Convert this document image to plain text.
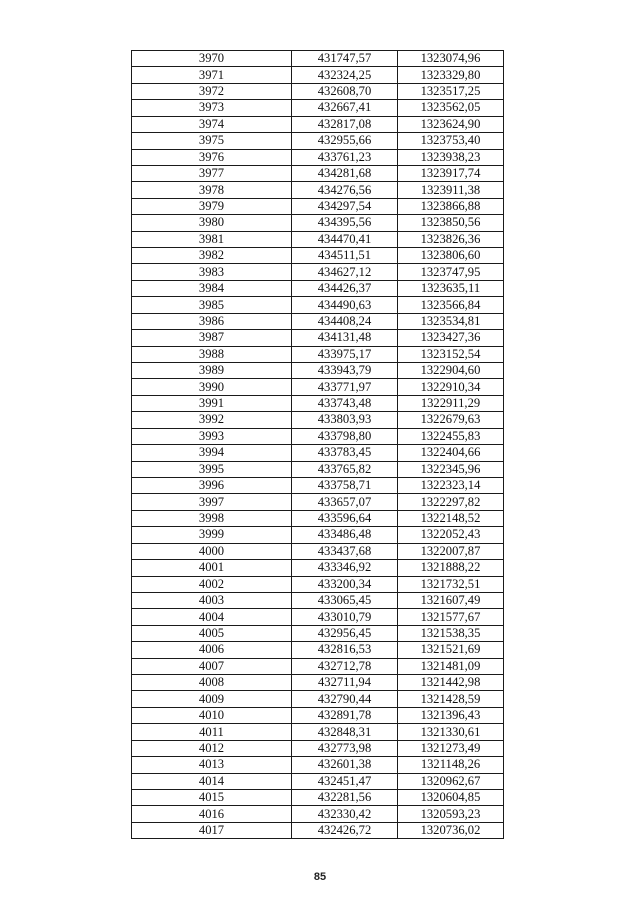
3970	431747,57	1323074,96
3971	432324,25	1323329,80
3972	432608,70	1323517,25
3973	432667,41	1323562,05
3974	432817,08	1323624,90
3975	432955,66	1323753,40
3976	433761,23	1323938,23
3977	434281,68	1323917,74
3978	434276,56	1323911,38
3979	434297,54	1323866,88
3980	434395,56	1323850,56
3981	434470,41	1323826,36
3982	434511,51	1323806,60
3983	434627,12	1323747,95
3984	434426,37	1323635,11
3985	434490,63	1323566,84
3986	434408,24	1323534,81
3987	434131,48	1323427,36
3988	433975,17	1323152,54
3989	433943,79	1322904,60
3990	433771,97	1322910,34
3991	433743,48	1322911,29
3992	433803,93	1322679,63
3993	433798,80	1322455,83
3994	433783,45	1322404,66
3995	433765,82	1322345,96
3996	433758,71	1322323,14
3997	433657,07	1322297,82
3998	433596,64	1322148,52
3999	433486,48	1322052,43
4000	433437,68	1322007,87
4001	433346,92	1321888,22
4002	433200,34	1321732,51
4003	433065,45	1321607,49
4004	433010,79	1321577,67
4005	432956,45	1321538,35
4006	432816,53	1321521,69
4007	432712,78	1321481,09
4008	432711,94	1321442,98
4009	432790,44	1321428,59
4010	432891,78	1321396,43
4011	432848,31	1321330,61
4012	432773,98	1321273,49
4013	432601,38	1321148,26
4014	432451,47	1320962,67
4015	432281,56	1320604,85
4016	432330,42	1320593,23
4017	432426,72	1320736,02
85
